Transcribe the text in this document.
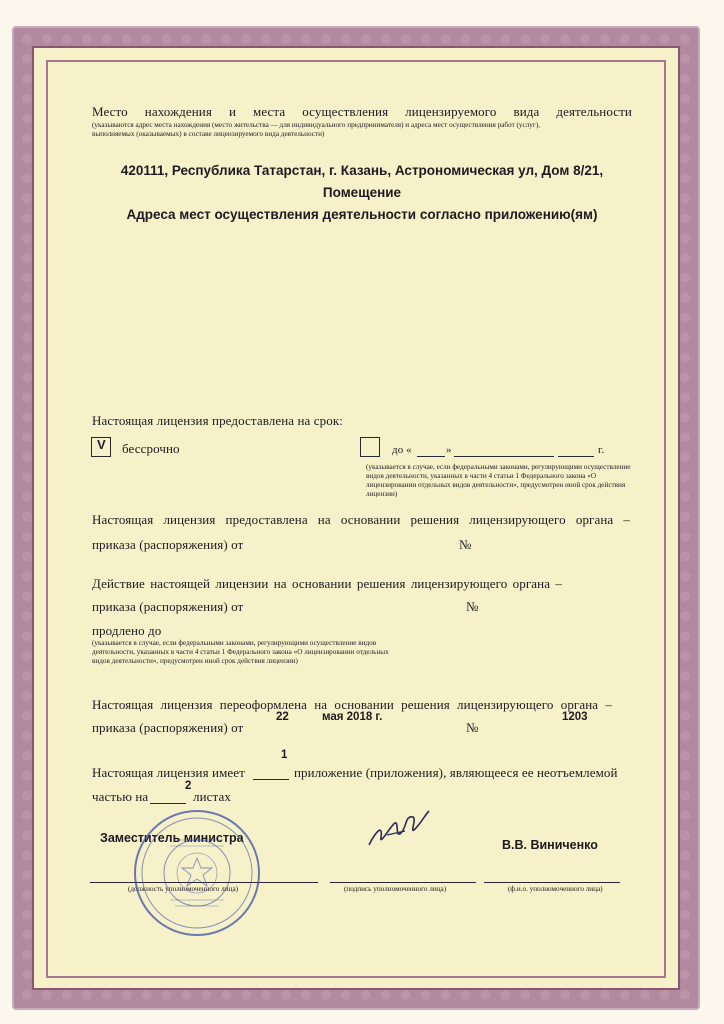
Место нахождения и места осуществления лицензируемого вида деятельности
(указываются адрес места нахождения (место жительства — для индивидуального предпринимателя) и адреса мест осуществления работ (услуг),
выполняемых (оказываемых) в составе лицензируемого вида деятельности)
420111, Республика Татарстан, г. Казань, Астрономическая ул, Дом 8/21,
Помещение
Адреса мест осуществления деятельности согласно приложению(ям)
Настоящая лицензия предоставлена на срок:
V бессрочно	до «	»	г.
(указывается в случае, если федеральными законами, регулирующими осуществление видов деятельности, указанных в части 4 статьи 1 Федерального закона «О лицензировании отдельных видов деятельности», предусмотрен иной срок действия лицензии)
Настоящая лицензия предоставлена на основании решения лицензирующего органа –
приказа (распоряжения) от	№
Действие настоящей лицензии на основании решения лицензирующего органа –
приказа (распоряжения) от	№
продлено до
(указывается в случае, если федеральными законами, регулирующими осуществление видов деятельности, указанных в части 4 статьи 1 Федерального закона «О лицензировании отдельных видов деятельности», предусмотрен иной срок действия лицензии)
Настоящая лицензия переоформлена на основании решения лицензирующего органа –
приказа (распоряжения) от
22	мая 2018 г.
№
1203
1
Настоящая лицензия имеет	приложение (приложения), являющееся ее неотъемлемой
частью на
2
листах
Заместитель министра	В.В. Виниченко
(должность уполномоченного лица)	(подпись уполномоченного лица)	(ф.и.о. уполномоченного лица)
